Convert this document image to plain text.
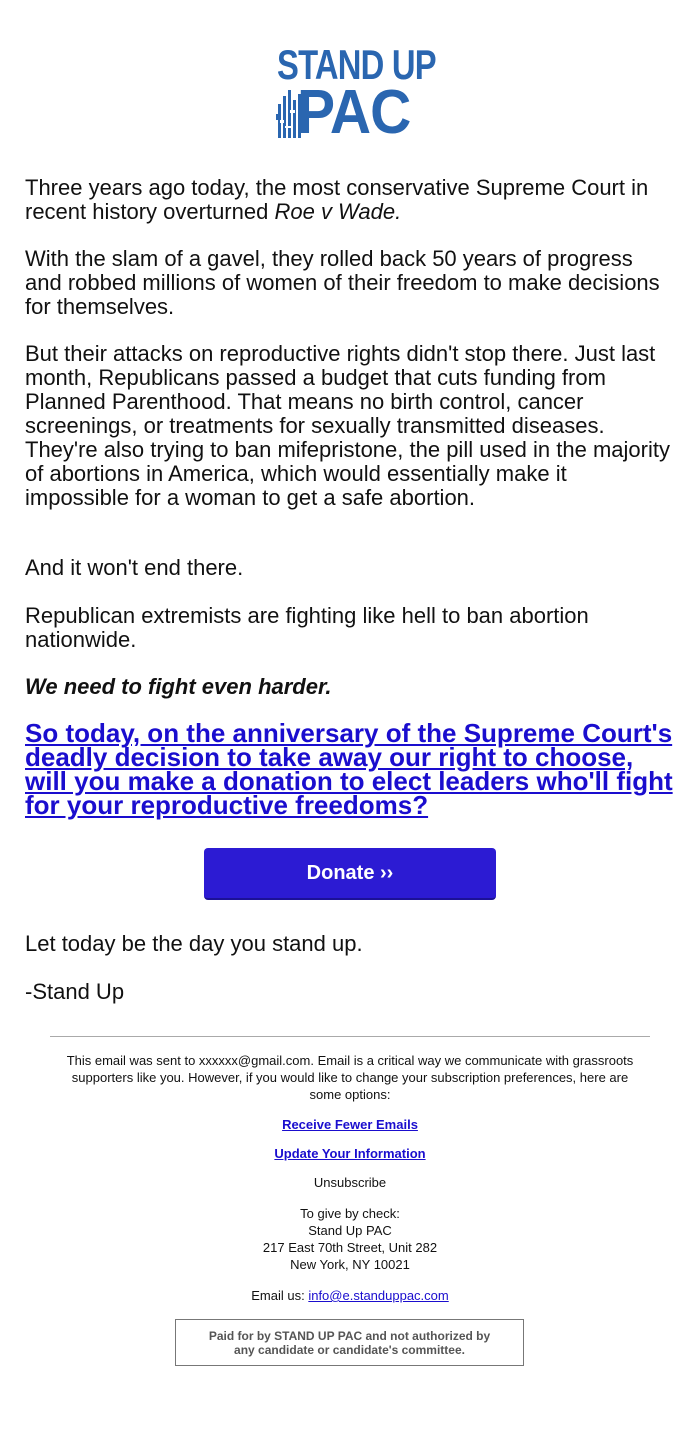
STAND UP
PAC

Three years ago today, the most conservative Supreme Court in recent history overturned Roe v Wade.

With the slam of a gavel, they rolled back 50 years of progress and robbed millions of women of their freedom to make decisions for themselves.

But their attacks on reproductive rights didn't stop there. Just last month, Republicans passed a budget that cuts funding from Planned Parenthood. That means no birth control, cancer screenings, or treatments for sexually transmitted diseases. They're also trying to ban mifepristone, the pill used in the majority of abortions in America, which would essentially make it impossible for a woman to get a safe abortion.

And it won't end there.

Republican extremists are fighting like hell to ban abortion nationwide.

We need to fight even harder.

So today, on the anniversary of the Supreme Court's deadly decision to take away our right to choose, will you make a donation to elect leaders who'll fight for your reproductive freedoms?

Donate ››

Let today be the day you stand up.

-Stand Up

This email was sent to xxxxxx@gmail.com. Email is a critical way we communicate with grassroots supporters like you. However, if you would like to change your subscription preferences, here are some options:

Receive Fewer Emails
Update Your Information
Unsubscribe
To give by check:
Stand Up PAC
217 East 70th Street, Unit 282
New York, NY 10021
Email us: info@e.standuppac.com
Paid for by STAND UP PAC and not authorized by
any candidate or candidate's committee.
